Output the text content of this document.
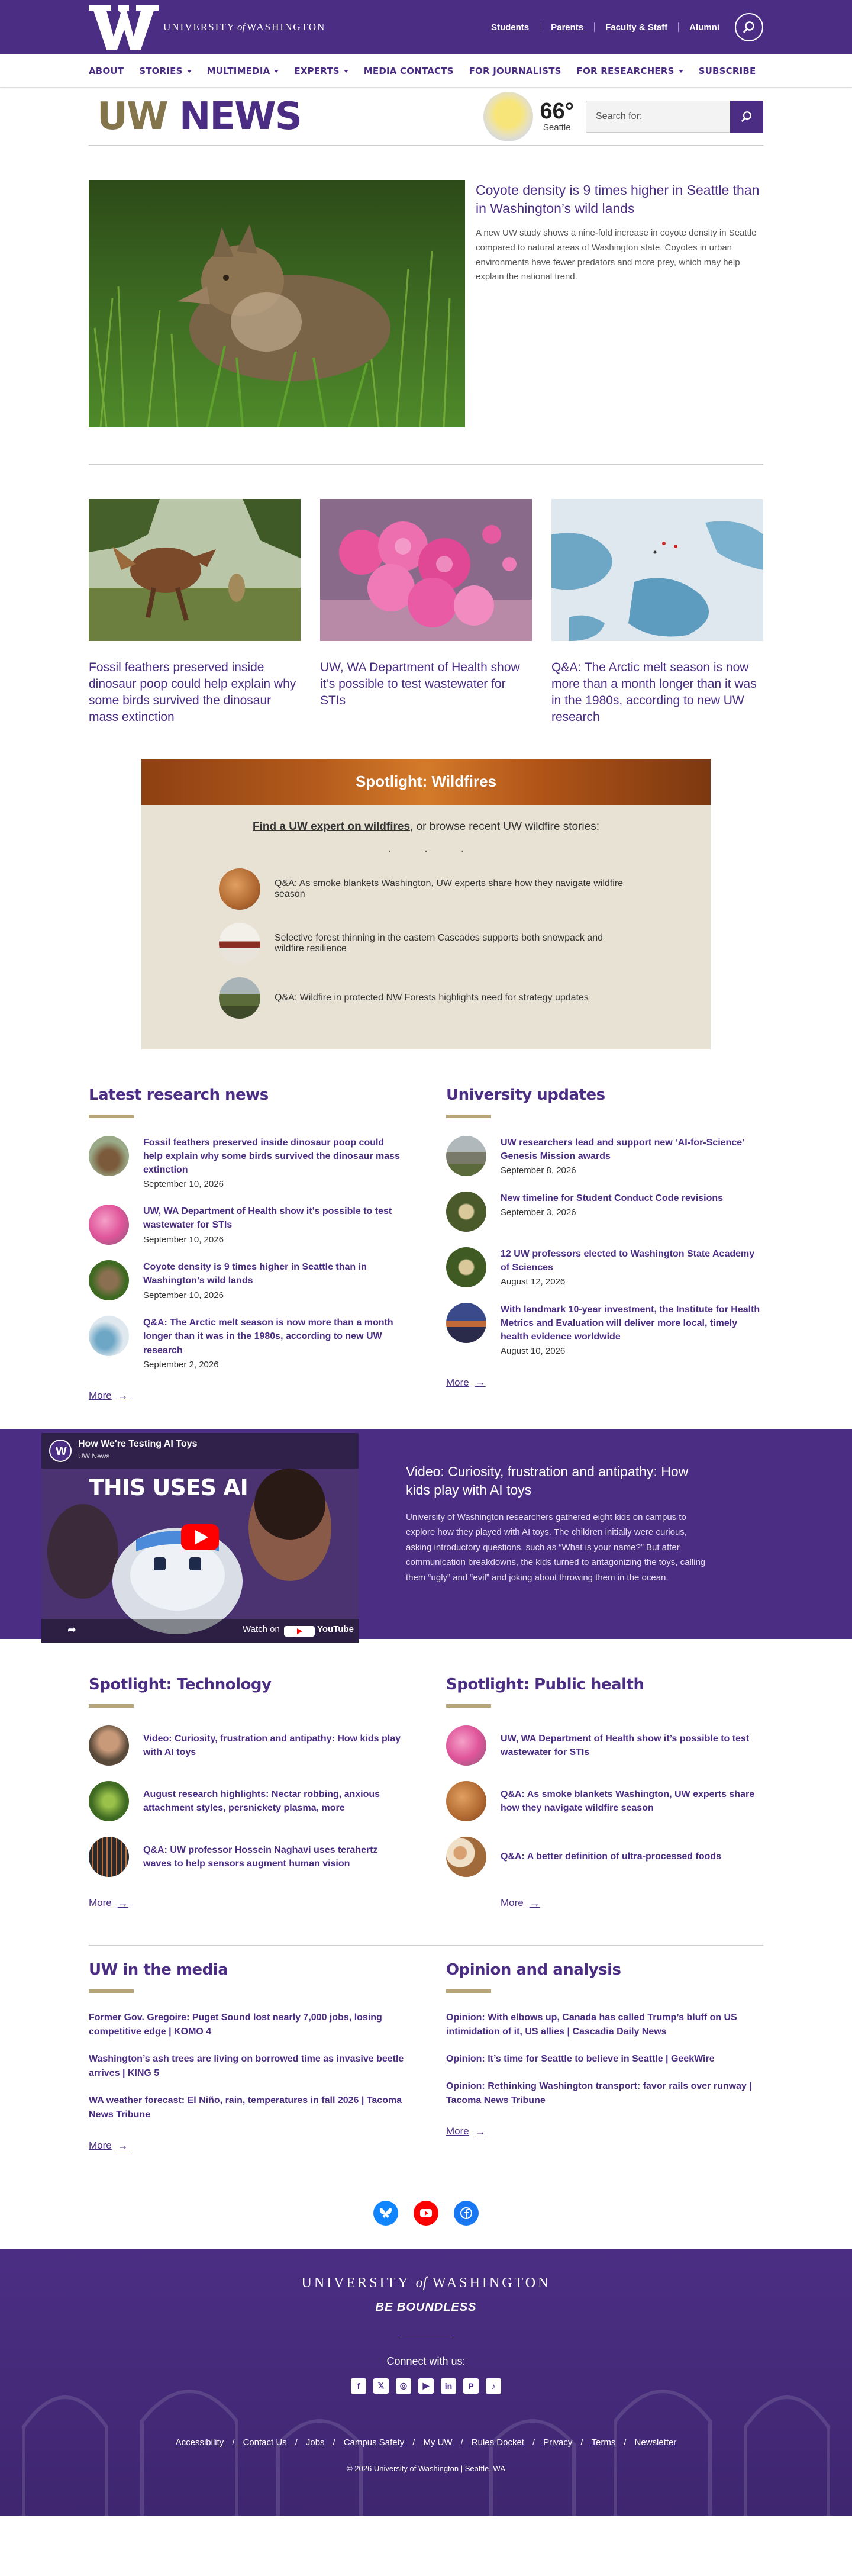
UNIVERSITY of WASHINGTON	Students Parents Faculty & Staff Alumni
ABOUT STORIES	MULTIMEDIA	EXPERTS	MEDIA CONTACTS FOR JOURNALISTS FOR RESEARCHERS	SUBSCRIBE
UW NEWS	66°
Seattle
Search for:
Coyote density is 9 times higher in Seattle than in Washington’s wild lands

A new UW study shows a nine-fold increase in coyote density in Seattle compared to natural areas of Washington state. Coyotes in urban environments have fewer predators and more prey, which may help explain the national trend.

Fossil feathers preserved inside dinosaur poop could help explain why some birds survived the dinosaur mass extinction
UW, WA Department of Health show it’s possible to test wastewater for STIs
Q&A: The Arctic melt season is now more than a month longer than it was in the 1980s, according to new UW research
Spotlight: Wildfires
Find a UW expert on wildfires, or browse recent UW wildfire stories:
...
Q&A: As smoke blankets Washington, UW experts share how they navigate wildfire season
Selective forest thinning in the eastern Cascades supports both snowpack and wildfire resilience
Q&A: Wildfire in protected NW Forests highlights need for strategy updates
Latest research news
Fossil feathers preserved inside dinosaur poop could help explain why some birds survived the dinosaur mass extinction
September 10, 2026
UW, WA Department of Health show it’s possible to test wastewater for STIs
September 10, 2026
Coyote density is 9 times higher in Seattle than in Washington’s wild lands
September 10, 2026
Q&A: The Arctic melt season is now more than a month longer than it was in the 1980s, according to new UW research
September 2, 2026
More →
University updates
UW researchers lead and support new ‘AI-for-Science’ Genesis Mission awards
September 8, 2026
New timeline for Student Conduct Code revisions
September 3, 2026
12 UW professors elected to Washington State Academy of Sciences
August 12, 2026
With landmark 10-year investment, the Institute for Health Metrics and Evaluation will deliver more local, timely health evidence worldwide
August 10, 2026
More →
W
How We're Testing AI Toys
UW News
THIS USES AI
Watch on	YouTube
➦
Video: Curiosity, frustration and antipathy: How kids play with AI toys

University of Washington researchers gathered eight kids on campus to explore how they played with AI toys. The children initially were curious, asking introductory questions, such as “What is your name?” But after communication breakdowns, the kids turned to antagonizing the toys, calling them “ugly” and “evil” and joking about throwing them in the ocean.

Spotlight: Technology
Video: Curiosity, frustration and antipathy: How kids play with AI toys
August research highlights: Nectar robbing, anxious attachment styles, persnickety plasma, more
Q&A: UW professor Hossein Naghavi uses terahertz waves to help sensors augment human vision
More →
Spotlight: Public health
UW, WA Department of Health show it’s possible to test wastewater for STIs
Q&A: As smoke blankets Washington, UW experts share how they navigate wildfire season
Q&A: A better definition of ultra-processed foods
More →
UW in the media
Former Gov. Gregoire: Puget Sound lost nearly 7,000 jobs, losing competitive edge | KOMO 4
Washington’s ash trees are living on borrowed time as invasive beetle arrives | KING 5
WA weather forecast: El Niño, rain, temperatures in fall 2026 | Tacoma News Tribune
More →
Opinion and analysis
Opinion: With elbows up, Canada has called Trump’s bluff on US intimidation of it, US allies | Cascadia Daily News
Opinion: It’s time for Seattle to believe in Seattle | GeekWire
Opinion: Rethinking Washington transport: favor rails over runway | Tacoma News Tribune
More →
UNIVERSITY of WASHINGTON
BE BOUNDLESS
Connect with us:
f	𝕏	◎	▶	in	P	♪
Accessibility / Contact Us / Jobs / Campus Safety / My UW / Rules Docket / Privacy / Terms / Newsletter
© 2026 University of Washington | Seattle, WA
